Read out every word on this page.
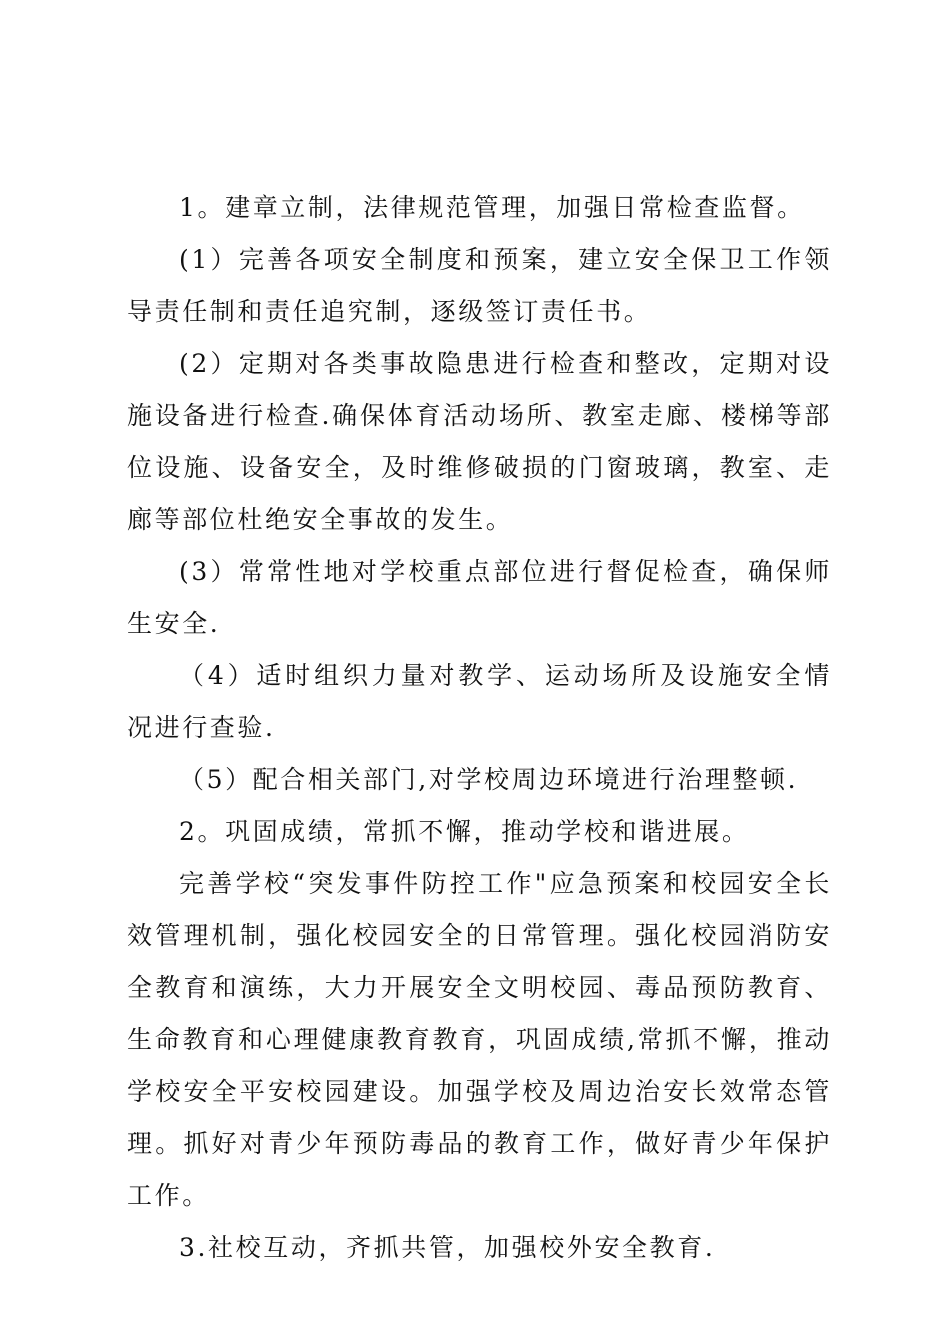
1。建章立制，法律规范管理，加强日常检查监督。

(1）完善各项安全制度和预案，建立安全保卫工作领导责任制和责任追究制，逐级签订责任书。

(2）定期对各类事故隐患进行检查和整改，定期对设施设备进行检查.确保体育活动场所、教室走廊、楼梯等部位设施、设备安全，及时维修破损的门窗玻璃，教室、走廊等部位杜绝安全事故的发生。

(3）常常性地对学校重点部位进行督促检查，确保师生安全.

（4）适时组织力量对教学、运动场所及设施安全情况进行查验.

（5）配合相关部门,对学校周边环境进行治理整顿.

2。巩固成绩，常抓不懈，推动学校和谐进展。

完善学校“突发事件防控工作"应急预案和校园安全长效管理机制，强化校园安全的日常管理。强化校园消防安全教育和演练，大力开展安全文明校园、毒品预防教育、生命教育和心理健康教育教育，巩固成绩,常抓不懈，推动学校安全平安校园建设。加强学校及周边治安长效常态管理。抓好对青少年预防毒品的教育工作，做好青少年保护工作。

3.社校互动，齐抓共管，加强校外安全教育.
